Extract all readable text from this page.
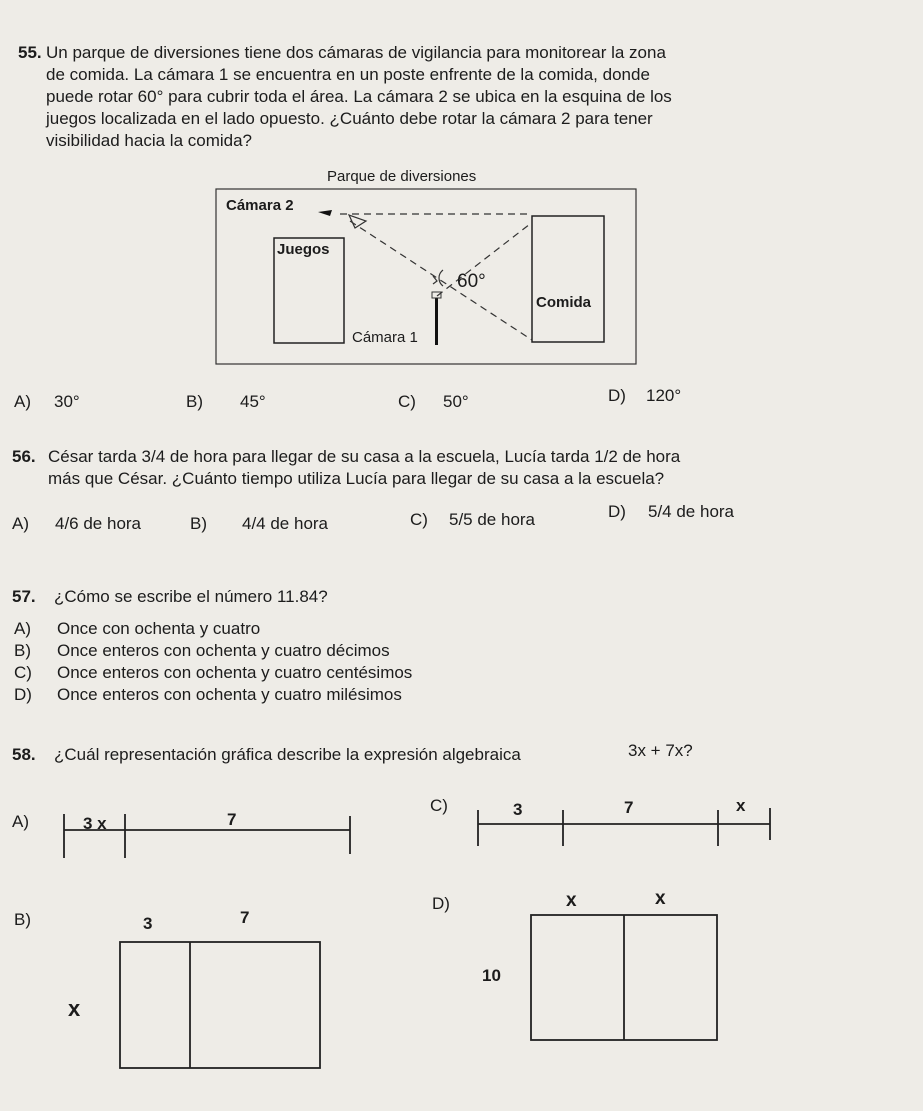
55. Un parque de diversiones tiene dos cámaras de vigilancia para monitorear la zona
de comida. La cámara 1 se encuentra en un poste enfrente de la comida, donde
puede rotar 60° para cubrir toda el área. La cámara 2 se ubica en la esquina de los
juegos localizada en el lado opuesto. ¿Cuánto debe rotar la cámara 2 para tener
visibilidad hacia la comida?
Parque de diversiones
Cámara 2
Juegos
60°
Comida
Cámara 1
A) 30°	B) 45°	C) 50°	D) 120°
56. César tarda 3/4 de hora para llegar de su casa a la escuela, Lucía tarda 1/2 de hora
más que César. ¿Cuánto tiempo utiliza Lucía para llegar de su casa a la escuela?
A) 4/6 de hora	B) 4/4 de hora	C) 5/5 de hora	D) 5/4 de hora
57. ¿Cómo se escribe el número 11.84?
A) Once con ochenta y cuatro
B) Once enteros con ochenta y cuatro décimos
C) Once enteros con ochenta y cuatro centésimos
D) Once enteros con ochenta y cuatro milésimos
58. ¿Cuál representación gráfica describe la expresión algebraica	3x + 7x?
A)	3 x	7
C)	3	7	x
B)	3	7
x
D)	x	x
10
